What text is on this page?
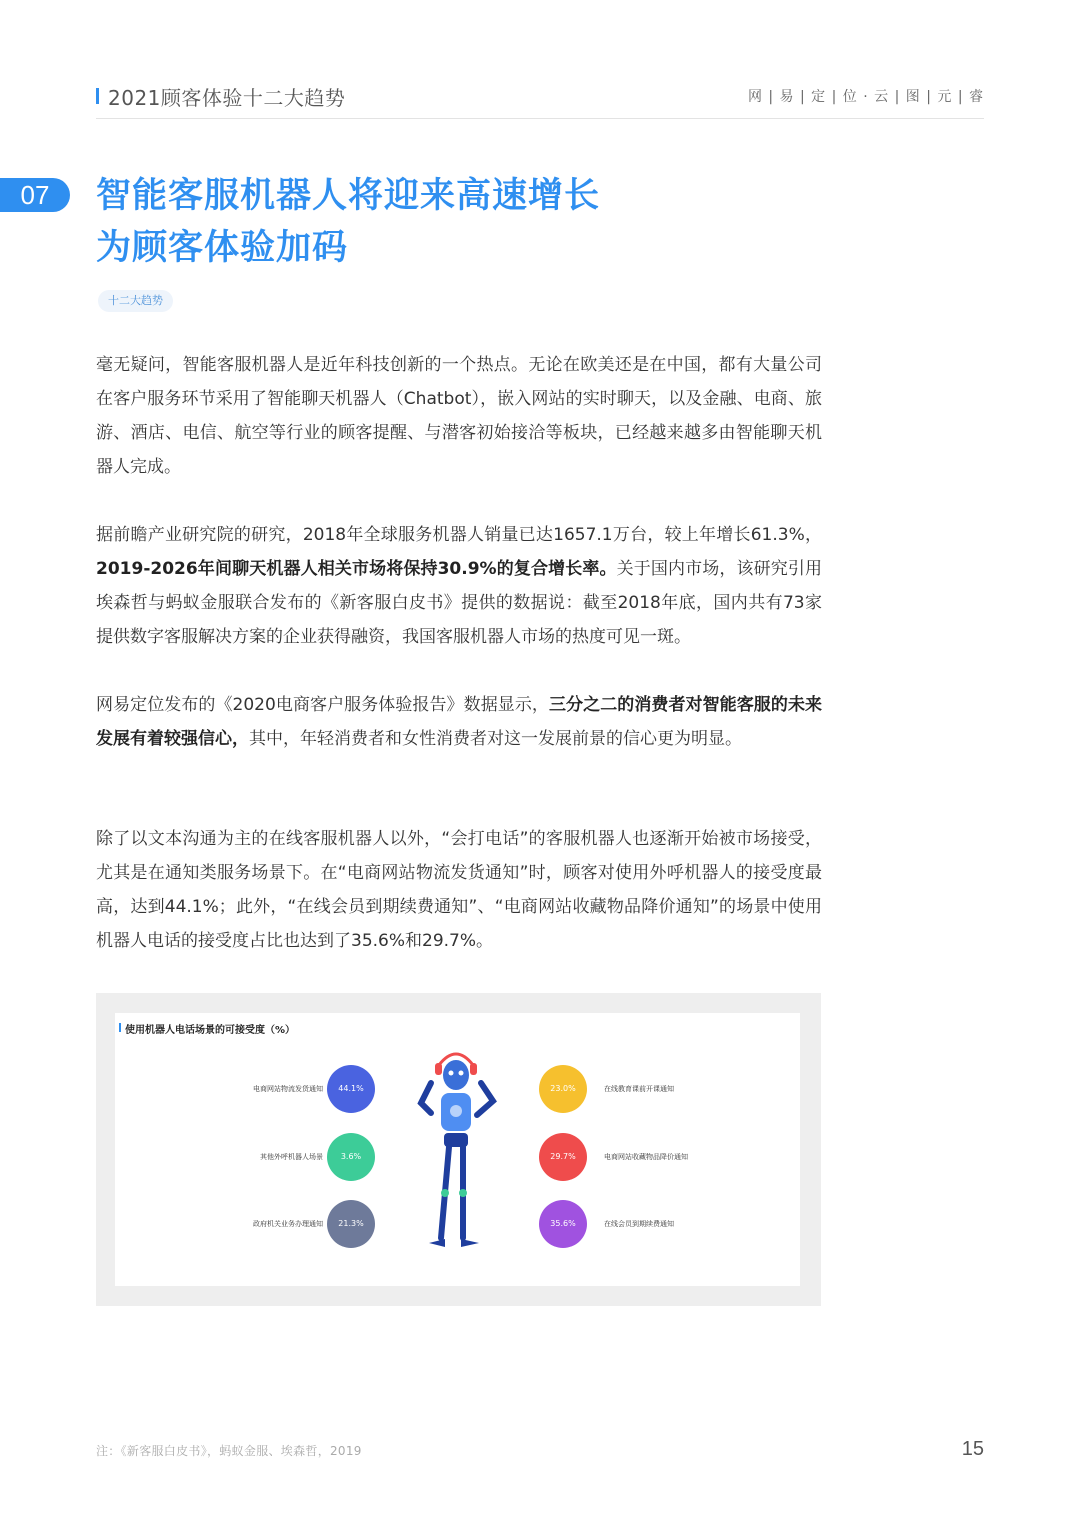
2021顾客体验十二大趋势	网 | 易 | 定 | 位 · 云 | 图 | 元 | 睿
07	智能客服机器人将迎来高速增长
为顾客体验加码
十二大趋势

毫无疑问，智能客服机器人是近年科技创新的一个热点。无论在欧美还是在中国，都有大量公司在客户服务环节采用了智能聊天机器人（Chatbot），嵌入网站的实时聊天，以及金融、电商、旅游、酒店、电信、航空等行业的顾客提醒、与潜客初始接洽等板块，已经越来越多由智能聊天机器人完成。

据前瞻产业研究院的研究，2018年全球服务机器人销量已达1657.1万台，较上年增长61.3%，2019-2026年间聊天机器人相关市场将保持30.9%的复合增长率。关于国内市场，该研究引用埃森哲与蚂蚁金服联合发布的《新客服白皮书》提供的数据说：截至2018年底，国内共有73家提供数字客服解决方案的企业获得融资，我国客服机器人市场的热度可见一斑。

网易定位发布的《2020电商客户服务体验报告》数据显示，三分之二的消费者对智能客服的未来发展有着较强信心，其中，年轻消费者和女性消费者对这一发展前景的信心更为明显。

除了以文本沟通为主的在线客服机器人以外，“会打电话”的客服机器人也逐渐开始被市场接受，尤其是在通知类服务场景下。在“电商网站物流发货通知”时，顾客对使用外呼机器人的接受度最高，达到44.1%；此外，“在线会员到期续费通知”、“电商网站收藏物品降价通知”的场景中使用机器人电话的接受度占比也达到了35.6%和29.7%。

使用机器人电话场景的可接受度（%）
44.1%
电商网站物流发货通知
3.6%
其他外呼机器人场景
21.3%
政府机关业务办理通知
23.0%	在线教育课前开课通知
29.7%	电商网站收藏物品降价通知
35.6%	在线会员到期续费通知
注：《新客服白皮书》，蚂蚁金服、埃森哲，2019	15
